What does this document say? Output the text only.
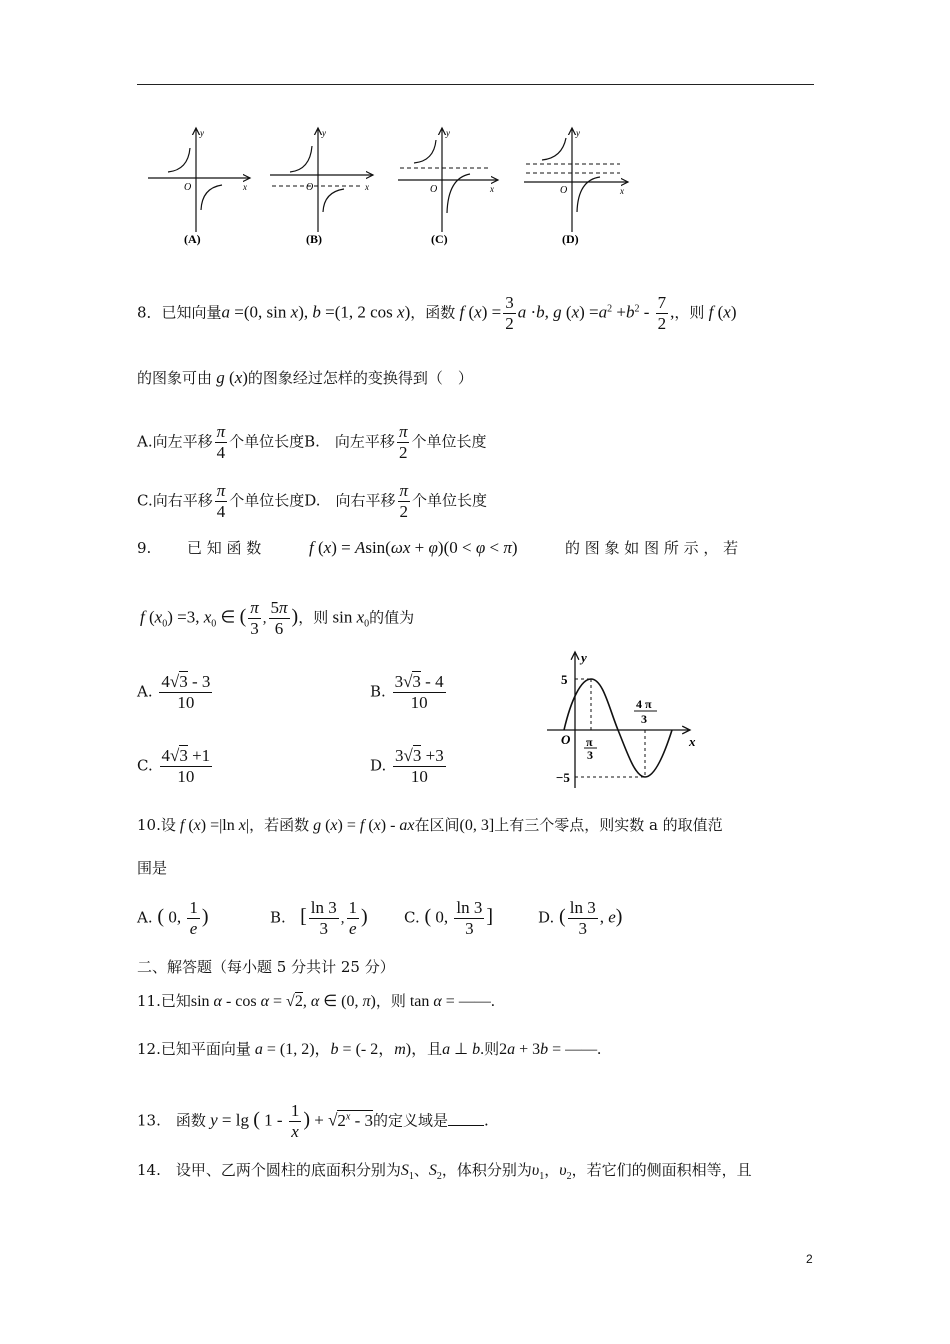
O	x
y
(A)
O	x
y
(B)
O	x
y
(C)
O	x
y
(D)
8．已知向量a =(0, sin x), b =(1, 2 cos x)，函数 f $(x) = \frac{3}{2}$ a ·b, g $(x) =a^2 +b^2 - \frac{7}{2}$ ,，则 f (x)
的图象可由 g (x)的图象经过怎样的变换得到（　）
A.向左平移 $\frac{\pi}{4}$ 个单位长度B.　向左平移 $\frac{\pi}{2}$ 个单位长度
C.向右平移 $\frac{\pi}{4}$ 个单位长度D.　向右平移 $\frac{\pi}{2}$ 个单位长度
9. 已 知 函 数	f (x) = Asin(ωx + φ)(0 < φ < π)	的 图 象 如 图 所 示 ， 若
f $(x_0) =3$, $x_0$ ∈ ( $\frac{\pi}{3}$ , $\frac{5\pi}{6}$ )，则 $\sin x_0$的值为
A. $\frac{4√3 - 3}{10}$	B. $\frac{3√3 - 4}{10}$
C. $\frac{4√3 +1}{10}$	D. $\frac{3√3 +3}{10}$
y
x
O
5
−5
π
3
4 π
3
10.设 f (x) =|ln x|，若函数 g (x) = f (x) - ax在区间(0, 3]上有三个零点，则实数 a 的取值范
围是
A. ( 0, $\frac{1}{e}$ )	B. [ $\frac{\ln 3}{3}$ , $\frac{1}{e}$ ) C. ( 0, $\frac{\ln 3}{3}$ ]	D. ( $\frac{\ln 3}{3}$ , e)
二、解答题（每小题 5 分共计 25 分）
11.已知sin α - cos α = √2, α ∈ (0, π)，则 tan α = ——.
12.已知平面向量 a = (1, 2)，b = (- 2，m)，且a ⊥ b.则2a + 3b = ——.
13.　函数 y = lg ( $1 - \frac{1}{x}$ ) + $√2^x - 3$的定义域是 .
14.　设甲、乙两个圆柱的底面积分别为$S_1$、$S_2$，体积分别为$\upsilon_1$，$\upsilon_2$，若它们的侧面积相等，且
2
